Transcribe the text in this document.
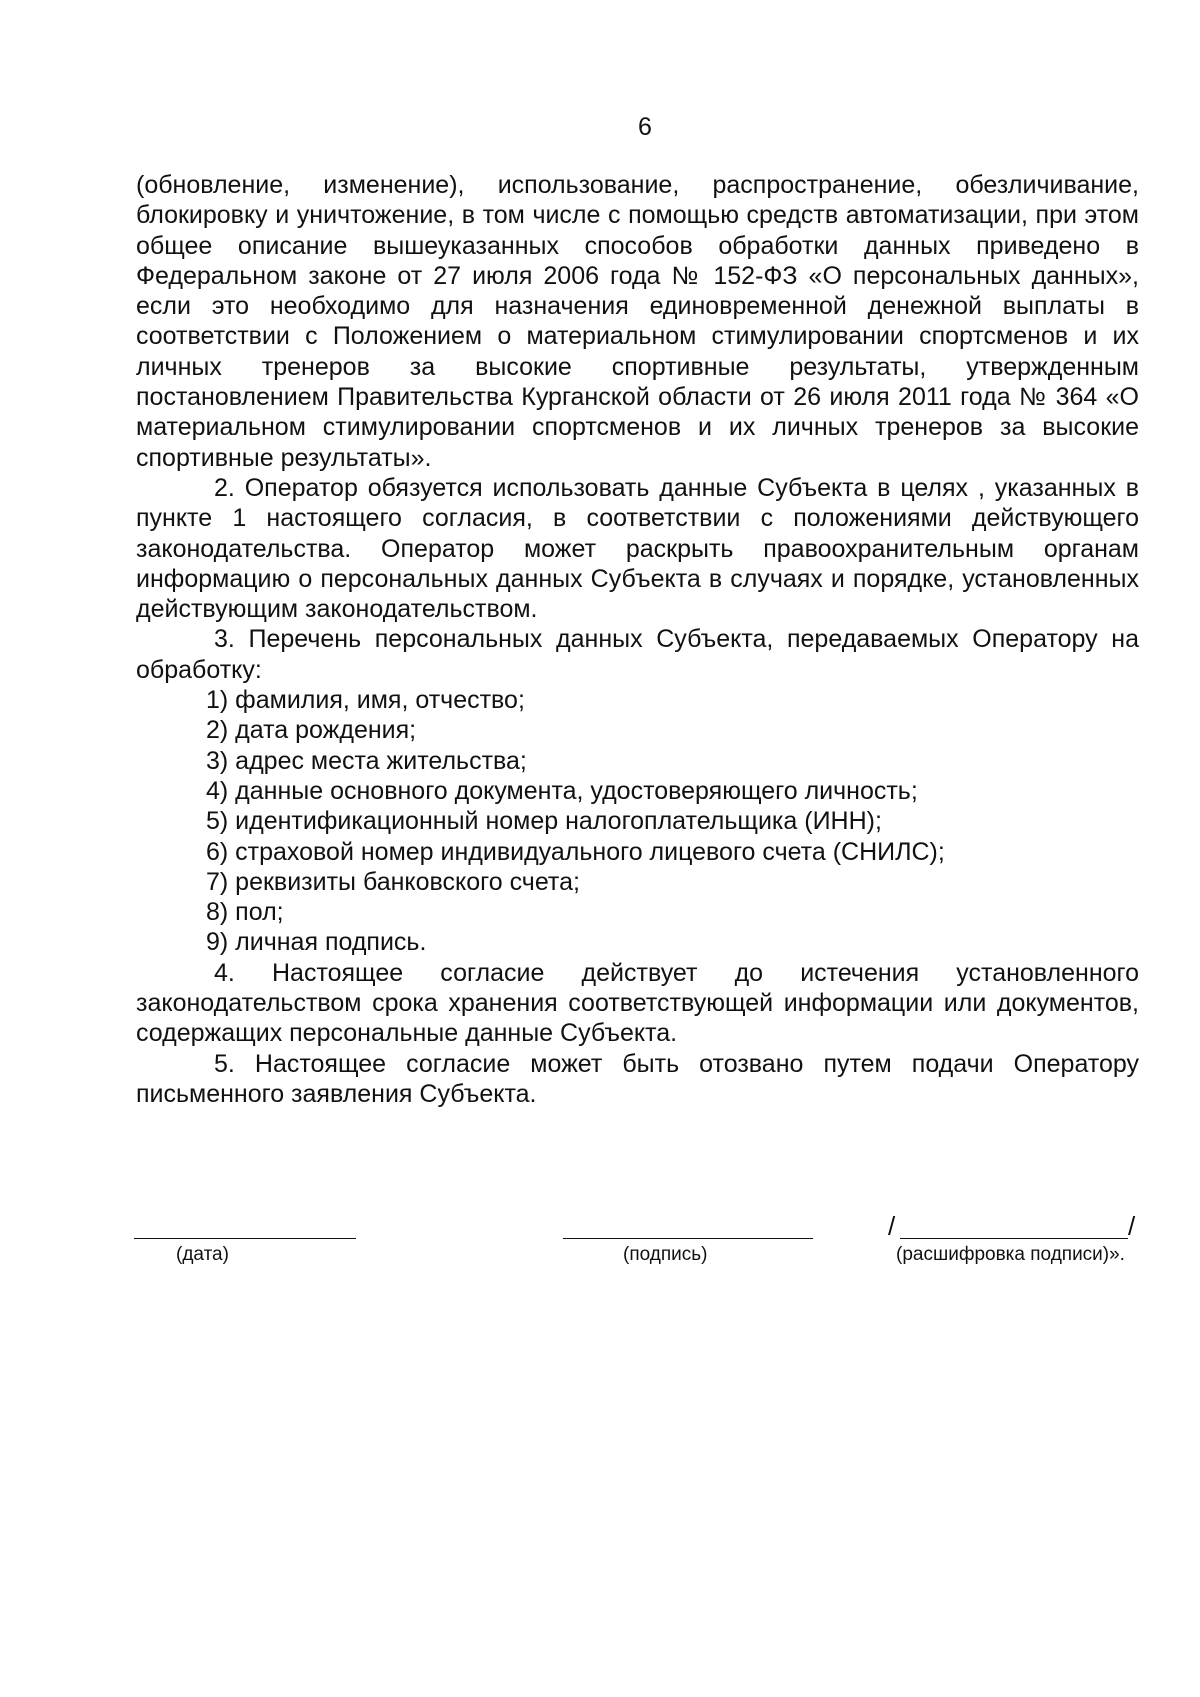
6

(обновление, изменение), использование, распространение, обезличивание, блокировку и уничтожение, в том числе с помощью средств автоматизации, при этом общее описание вышеуказанных способов обработки данных приведено в Федеральном законе от 27 июля 2006 года № 152-ФЗ «О персональных данных», если это необходимо для назначения единовременной денежной выплаты в соответствии с Положением о материальном стимулировании спортсменов и их личных тренеров за высокие спортивные результаты, утвержденным постановлением Правительства Курганской области от 26 июля 2011 года № 364 «О материальном стимулировании спортсменов и их личных тренеров за высокие спортивные результаты».

2. Оператор обязуется использовать данные Субъекта в целях , указанных в пункте 1 настоящего согласия, в соответствии с положениями действующего законодательства. Оператор может раскрыть правоохранительным органам информацию о персональных данных Субъекта в случаях и порядке, установленных действующим законодательством.

3. Перечень персональных данных Субъекта, передаваемых Оператору на обработку:

1) фамилия, имя, отчество;
2) дата рождения;
3) адрес места жительства;
4) данные основного документа, удостоверяющего личность;
5) идентификационный номер налогоплательщика (ИНН);
6) страховой номер индивидуального лицевого счета (СНИЛС);
7) реквизиты банковского счета;
8) пол;
9) личная подпись.

4. Настоящее согласие действует до истечения установленного законодательством срока хранения соответствующей информации или документов, содержащих персональные данные Субъекта.

5. Настоящее согласие может быть отозвано путем подачи Оператору письменного заявления Субъекта.

(дата)	(подпись)
/	/
(расшифровка подписи)».
